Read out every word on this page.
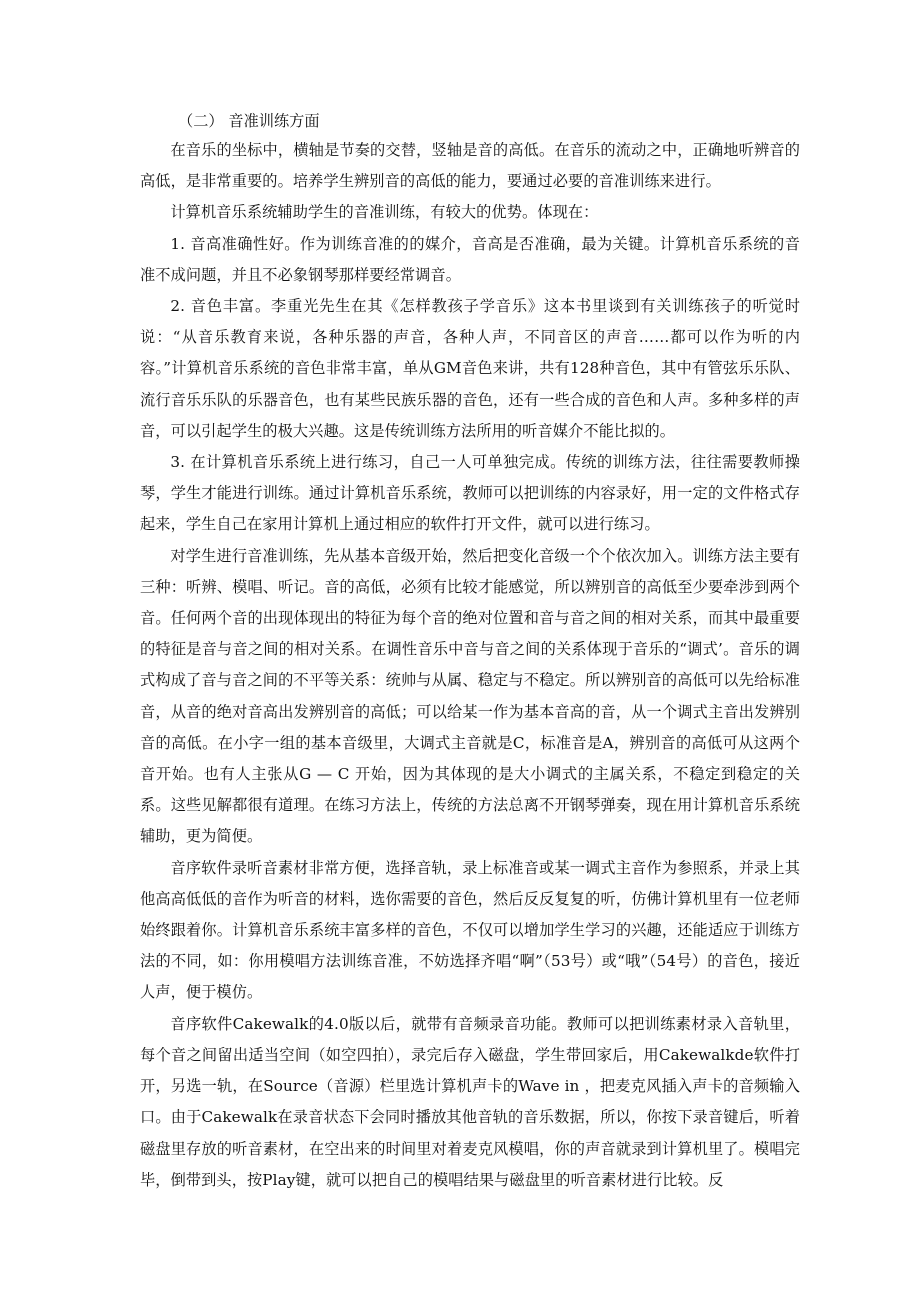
（二） 音准训练方面

在音乐的坐标中，横轴是节奏的交替，竖轴是音的高低。在音乐的流动之中，正确地听辨音的高低，是非常重要的。培养学生辨别音的高低的能力，要通过必要的音准训练来进行。

计算机音乐系统辅助学生的音准训练，有较大的优势。体现在：

1. 音高准确性好。作为训练音准的的媒介，音高是否准确，最为关键。计算机音乐系统的音准不成问题，并且不必象钢琴那样要经常调音。

2. 音色丰富。李重光先生在其《怎样教孩子学音乐》这本书里谈到有关训练孩子的听觉时说：“从音乐教育来说，各种乐器的声音，各种人声，不同音区的声音……都可以作为听的内容。”计算机音乐系统的音色非常丰富，单从GM音色来讲，共有128种音色，其中有管弦乐乐队、流行音乐乐队的乐器音色，也有某些民族乐器的音色，还有一些合成的音色和人声。多种多样的声音，可以引起学生的极大兴趣。这是传统训练方法所用的听音媒介不能比拟的。

3. 在计算机音乐系统上进行练习，自己一人可单独完成。传统的训练方法，往往需要教师操琴，学生才能进行训练。通过计算机音乐系统，教师可以把训练的内容录好，用一定的文件格式存起来，学生自己在家用计算机上通过相应的软件打开文件，就可以进行练习。

对学生进行音准训练，先从基本音级开始，然后把变化音级一个个依次加入。训练方法主要有三种：听辨、模唱、听记。音的高低，必须有比较才能感觉，所以辨别音的高低至少要牵涉到两个音。任何两个音的出现体现出的特征为每个音的绝对位置和音与音之间的相对关系，而其中最重要的特征是音与音之间的相对关系。在调性音乐中音与音之间的关系体现于音乐的“调式’。音乐的调式构成了音与音之间的不平等关系：统帅与从属、稳定与不稳定。所以辨别音的高低可以先给标准音，从音的绝对音高出发辨别音的高低；可以给某一作为基本音高的音，从一个调式主音出发辨别音的高低。在小字一组的基本音级里，大调式主音就是C，标准音是A，辨别音的高低可从这两个音开始。也有人主张从G — C 开始，因为其体现的是大小调式的主属关系，不稳定到稳定的关系。这些见解都很有道理。在练习方法上，传统的方法总离不开钢琴弹奏，现在用计算机音乐系统辅助，更为简便。

音序软件录听音素材非常方便，选择音轨，录上标准音或某一调式主音作为参照系，并录上其他高高低低的音作为听音的材料，选你需要的音色，然后反反复复的听，仿佛计算机里有一位老师始终跟着你。计算机音乐系统丰富多样的音色，不仅可以增加学生学习的兴趣，还能适应于训练方法的不同，如：你用模唱方法训练音准，不妨选择齐唱“啊”（53号）或“哦”（54号）的音色，接近人声，便于模仿。

音序软件Cakewalk的4.0版以后，就带有音频录音功能。教师可以把训练素材录入音轨里，每个音之间留出适当空间（如空四拍），录完后存入磁盘，学生带回家后，用Cakewalkde软件打开，另选一轨，在Source（音源）栏里选计算机声卡的Wave in ，把麦克风插入声卡的音频输入口。由于Cakewalk在录音状态下会同时播放其他音轨的音乐数据，所以，你按下录音键后，听着磁盘里存放的听音素材，在空出来的时间里对着麦克风模唱，你的声音就录到计算机里了。模唱完毕，倒带到头，按Play键，就可以把自己的模唱结果与磁盘里的听音素材进行比较。反
